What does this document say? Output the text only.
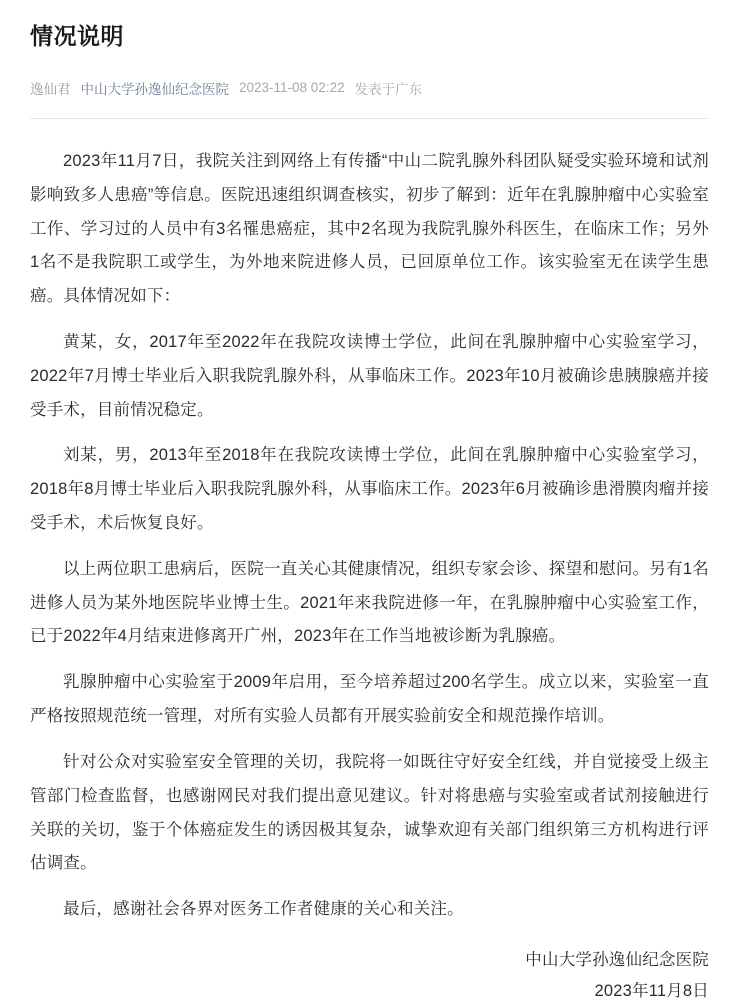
情况说明
逸仙君 中山大学孙逸仙纪念医院 2023-11-08 02:22 发表于广东

2023年11月7日，我院关注到网络上有传播“中山二院乳腺外科团队疑受实验环境和试剂影响致多人患癌”等信息。医院迅速组织调查核实，初步了解到：近年在乳腺肿瘤中心实验室工作、学习过的人员中有3名罹患癌症，其中2名现为我院乳腺外科医生，在临床工作；另外1名不是我院职工或学生，为外地来院进修人员，已回原单位工作。该实验室无在读学生患癌。具体情况如下：

黄某，女，2017年至2022年在我院攻读博士学位，此间在乳腺肿瘤中心实验室学习，2022年7月博士毕业后入职我院乳腺外科，从事临床工作。2023年10月被确诊患胰腺癌并接受手术，目前情况稳定。

刘某，男，2013年至2018年在我院攻读博士学位，此间在乳腺肿瘤中心实验室学习，2018年8月博士毕业后入职我院乳腺外科，从事临床工作。2023年6月被确诊患滑膜肉瘤并接受手术，术后恢复良好。

以上两位职工患病后，医院一直关心其健康情况，组织专家会诊、探望和慰问。另有1名进修人员为某外地医院毕业博士生。2021年来我院进修一年，在乳腺肿瘤中心实验室工作，已于2022年4月结束进修离开广州，2023年在工作当地被诊断为乳腺癌。

乳腺肿瘤中心实验室于2009年启用，至今培养超过200名学生。成立以来，实验室一直严格按照规范统一管理，对所有实验人员都有开展实验前安全和规范操作培训。

针对公众对实验室安全管理的关切，我院将一如既往守好安全红线，并自觉接受上级主管部门检查监督，也感谢网民对我们提出意见建议。针对将患癌与实验室或者试剂接触进行关联的关切，鉴于个体癌症发生的诱因极其复杂，诚挚欢迎有关部门组织第三方机构进行评估调查。

最后，感谢社会各界对医务工作者健康的关心和关注。

中山大学孙逸仙纪念医院

2023年11月8日
